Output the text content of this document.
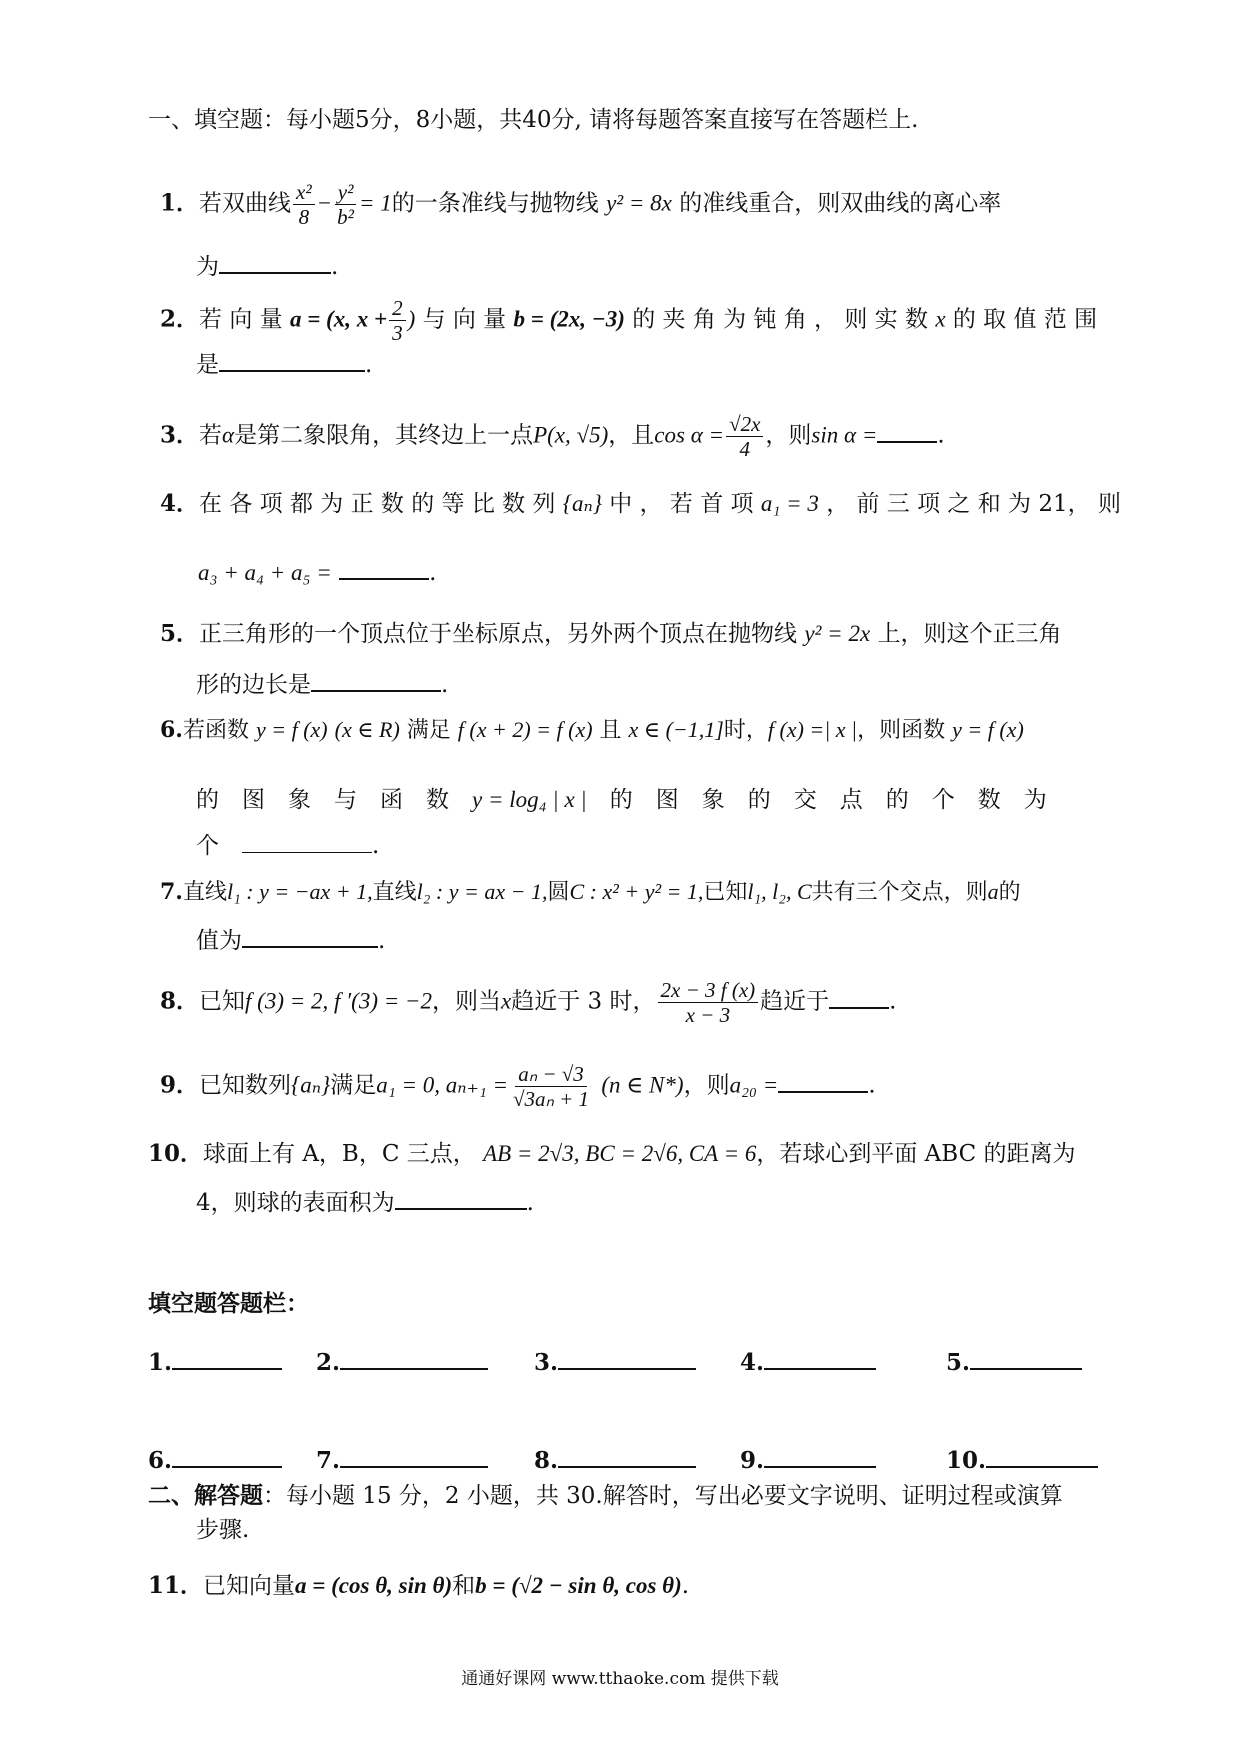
一、填空题：每小题5分，8小题，共40分, 请将每题答案直接写在答题栏上.
1．若双曲线 $\frac{\text{x²}}{8} - \frac{\text{y²}}{\text{b²}} = 1$的一条准线与抛物线 y² = 8x 的准线重合，则双曲线的离心率
为	.
2．若 向 量 a = (x, $x + \frac{2}{3}$ ) 与 向 量 b = (2x, −3) 的 夹 角 为 钝 角 ， 则 实 数 x 的 取 值 范 围
是	.
3．若α是第二象限角，其终边上一点P(x, √5)，且$\cos \alpha = \frac{√2x}{4}$ ，则sin α =	.
4．在 各 项 都 为 正 数 的 等 比 数 列 {aₙ} 中 ， 若 首 项 a₁ = 3 ， 前 三 项 之 和 为 21， 则
a₃ + a₄ + a₅ =	.
5．正三角形的一个顶点位于坐标原点，另外两个顶点在抛物线 y² = 2x 上，则这个正三角
形的边长是	.
6.若函数 y = f (x) (x ∈ R) 满足 f (x + 2) = f (x) 且 x ∈ (−1,1]时，f (x) =| x |，则函数 y = f (x)
的　图　象　与　函　数　 y = log₄ | x |　 的　图　象　的　交　点　的　个　数　为
个　	.
7.直线l₁ : y = −ax + 1,直线l₂ : y = ax − 1,圆C : x² + y² = 1,已知l₁, l₂, C共有三个交点，则a的
值为	.
8．已知f (3) = 2, f ′(3) = −2，则当x趋近于 3 时， $\frac{2x - 3 f (x)}{x - 3}$ 趋近于	.
9．已知数列{aₙ}满足a₁ = 0, $a_{n+1} = \frac{\text{aₙ − √3}}{\text{√3aₙ + 1}} (n$ ∈ N*)，则a₂₀ =	.
10．球面上有 A，B，C 三点， AB = 2√3, BC = 2√6, CA = 6，若球心到平面 ABC 的距离为
4，则球的表面积为	.
填空题答题栏：
1.	2.	3.	4.	5.
6.	7.	8.	9.	10.
二、解答题：每小题 15 分，2 小题，共 30.解答时，写出必要文字说明、证明过程或演算
步骤.
11．已知向量a = (cos θ, sin θ)和b = (√2 − sin θ, cos θ).
通通好课网 www.tthaoke.com 提供下载
